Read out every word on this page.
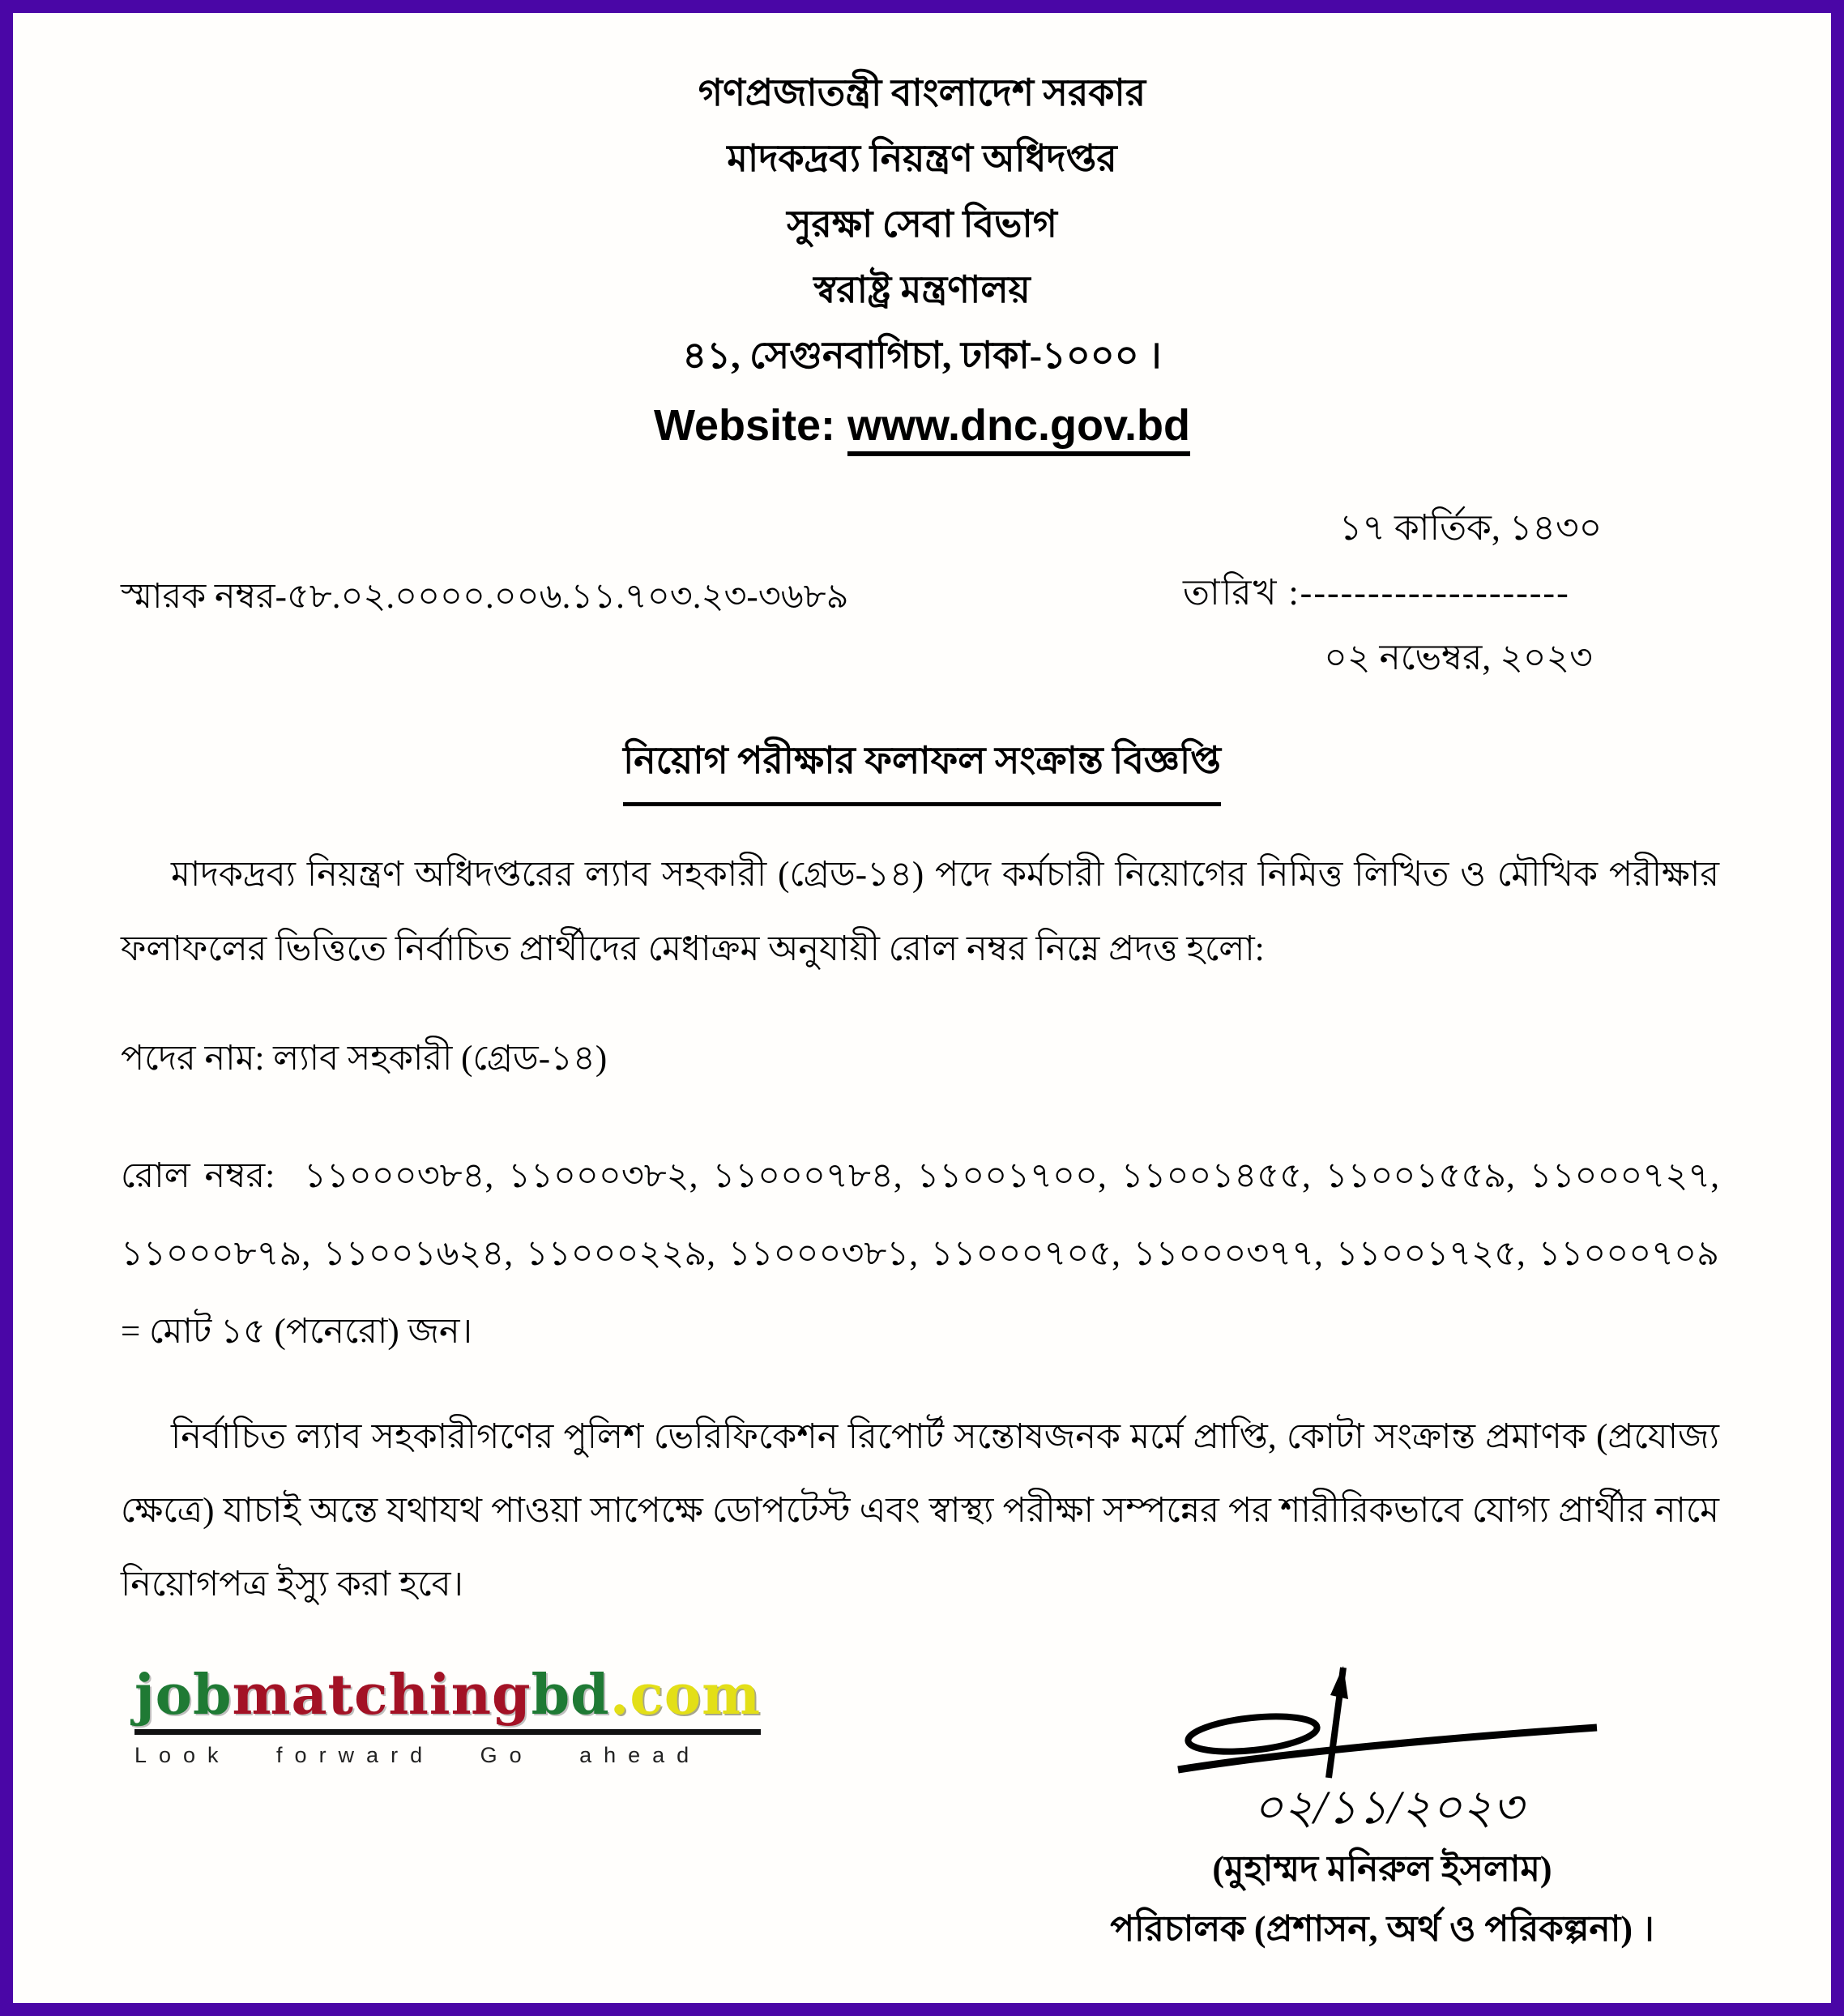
গণপ্রজাতন্ত্রী বাংলাদেশ সরকার
মাদকদ্রব্য নিয়ন্ত্রণ অধিদপ্তর
সুরক্ষা সেবা বিভাগ
স্বরাষ্ট্র মন্ত্রণালয়
৪১, সেগুনবাগিচা, ঢাকা-১০০০ ।
Website: www.dnc.gov.bd
স্মারক নম্বর-৫৮.০২.০০০০.০০৬.১১.৭০৩.২৩-৩৬৮৯
১৭ কার্তিক, ১৪৩০
তারিখ :--------------------
০২ নভেম্বর, ২০২৩
নিয়োগ পরীক্ষার ফলাফল সংক্রান্ত বিজ্ঞপ্তি
মাদকদ্রব্য নিয়ন্ত্রণ অধিদপ্তরের ল্যাব সহকারী (গ্রেড-১৪) পদে কর্মচারী নিয়োগের নিমিত্ত লিখিত ও মৌখিক পরীক্ষার ফলাফলের ভিত্তিতে নির্বাচিত প্রার্থীদের মেধাক্রম অনুযায়ী রোল নম্বর নিম্নে প্রদত্ত হলো:
পদের নাম: ল্যাব সহকারী (গ্রেড-১৪)
রোল নম্বর: ১১০০০৩৮৪, ১১০০০৩৮২, ১১০০০৭৮৪, ১১০০১৭০০, ১১০০১৪৫৫, ১১০০১৫৫৯, ১১০০০৭২৭, ১১০০০৮৭৯, ১১০০১৬২৪, ১১০০০২২৯, ১১০০০৩৮১, ১১০০০৭০৫, ১১০০০৩৭৭, ১১০০১৭২৫, ১১০০০৭০৯ = মোট ১৫ (পনেরো) জন।
নির্বাচিত ল্যাব সহকারীগণের পুলিশ ভেরিফিকেশন রিপোর্ট সন্তোষজনক মর্মে প্রাপ্তি, কোটা সংক্রান্ত প্রমাণক (প্রযোজ্য ক্ষেত্রে) যাচাই অন্তে যথাযথ পাওয়া সাপেক্ষে ডোপটেস্ট এবং স্বাস্থ্য পরীক্ষা সম্পন্নের পর শারীরিকভাবে যোগ্য প্রার্থীর নামে নিয়োগপত্র ইস্যু করা হবে।
jobmatchingbd.com
Look forward Go ahead
০২/১১/২০২৩
(মুহাম্মদ মনিরুল ইসলাম)
পরিচালক (প্রশাসন, অর্থ ও পরিকল্পনা) ।
